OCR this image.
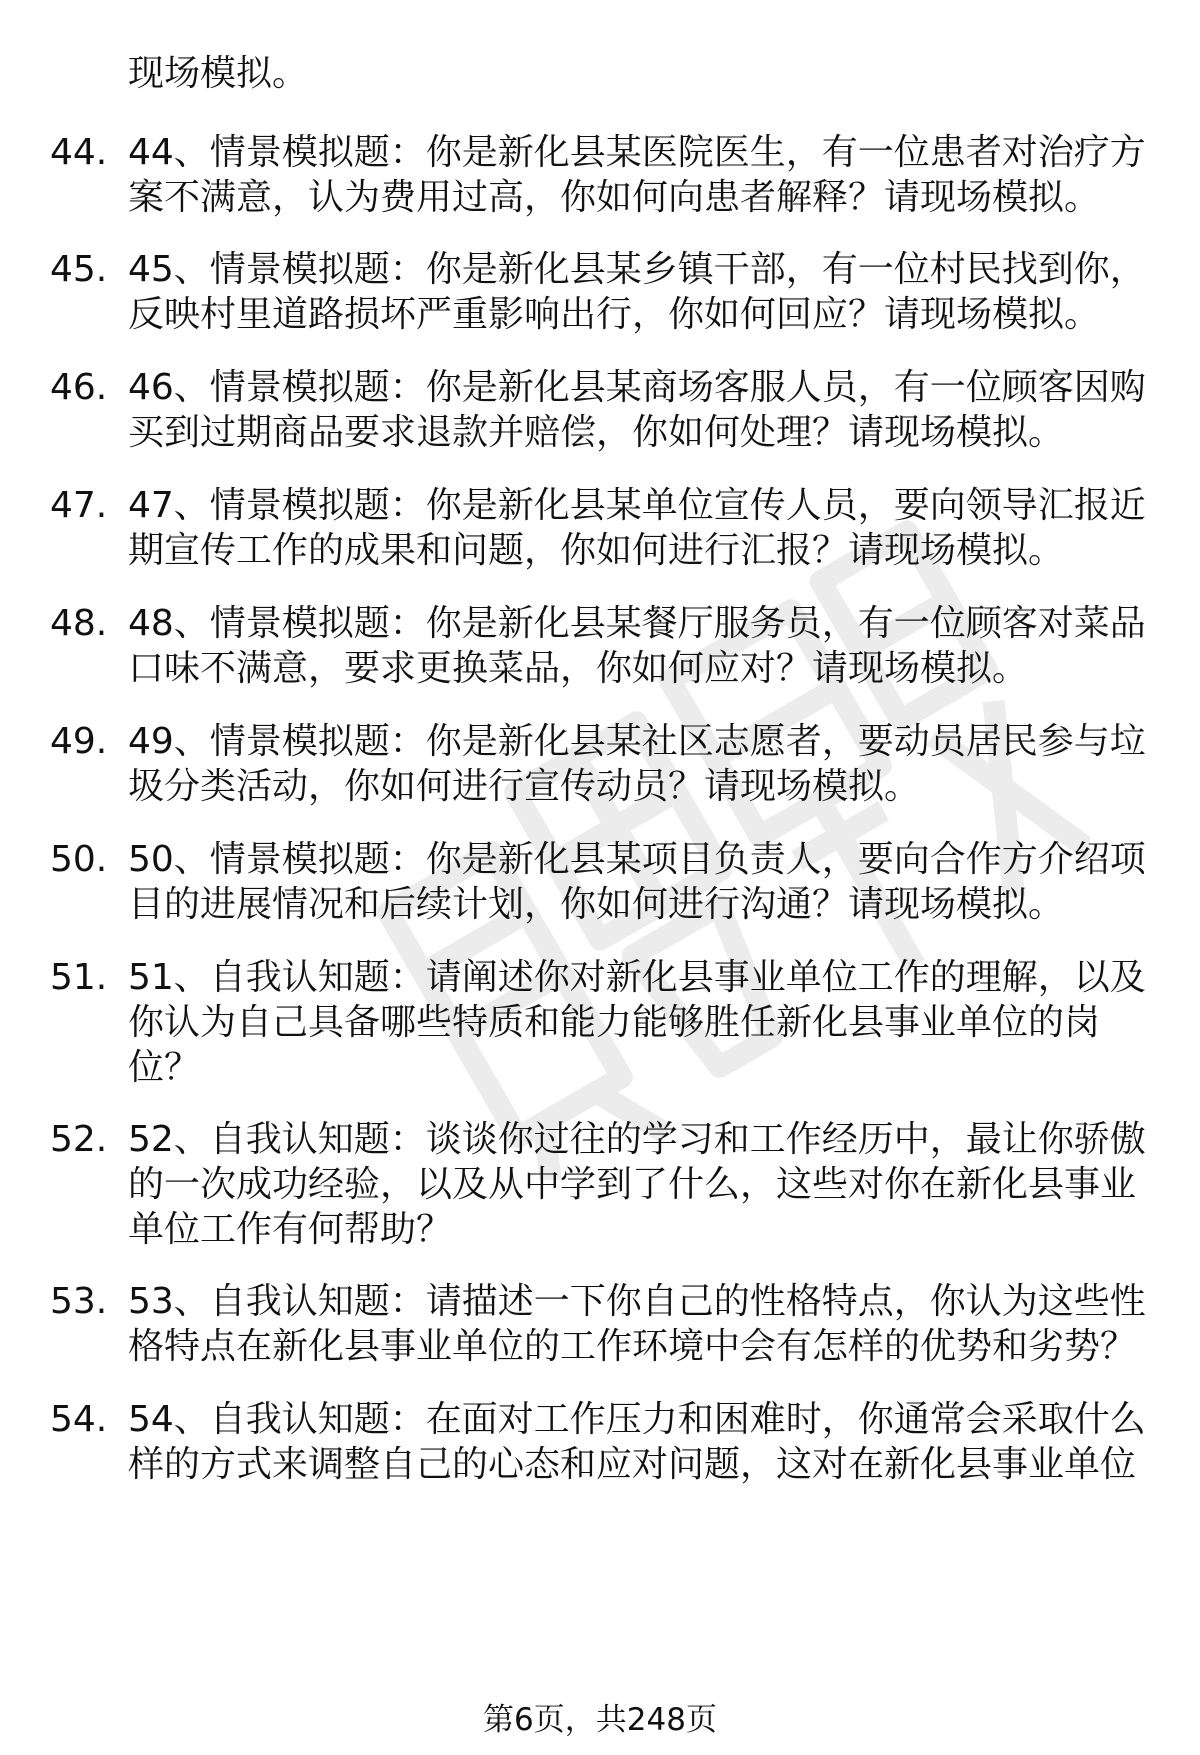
现场模拟。
44. 44、情景模拟题：你是新化县某医院医生，有一位患者对治疗方
案不满意，认为费用过高，你如何向患者解释？请现场模拟。
45. 45、情景模拟题：你是新化县某乡镇干部，有一位村民找到你，
反映村里道路损坏严重影响出行，你如何回应？请现场模拟。
46. 46、情景模拟题：你是新化县某商场客服人员，有一位顾客因购
买到过期商品要求退款并赔偿，你如何处理？请现场模拟。
47. 47、情景模拟题：你是新化县某单位宣传人员，要向领导汇报近
期宣传工作的成果和问题，你如何进行汇报？请现场模拟。
48. 48、情景模拟题：你是新化县某餐厅服务员，有一位顾客对菜品
口味不满意，要求更换菜品，你如何应对？请现场模拟。
49. 49、情景模拟题：你是新化县某社区志愿者，要动员居民参与垃
圾分类活动，你如何进行宣传动员？请现场模拟。
50. 50、情景模拟题：你是新化县某项目负责人，要向合作方介绍项
目的进展情况和后续计划，你如何进行沟通？请现场模拟。
51. 51、自我认知题：请阐述你对新化县事业单位工作的理解，以及
你认为自己具备哪些特质和能力能够胜任新化县事业单位的岗
位？
52. 52、自我认知题：谈谈你过往的学习和工作经历中，最让你骄傲
的一次成功经验，以及从中学到了什么，这些对你在新化县事业
单位工作有何帮助？
53. 53、自我认知题：请描述一下你自己的性格特点，你认为这些性
格特点在新化县事业单位的工作环境中会有怎样的优势和劣势？
54. 54、自我认知题：在面对工作压力和困难时，你通常会采取什么
样的方式来调整自己的心态和应对问题，这对在新化县事业单位
第6页，共248页
